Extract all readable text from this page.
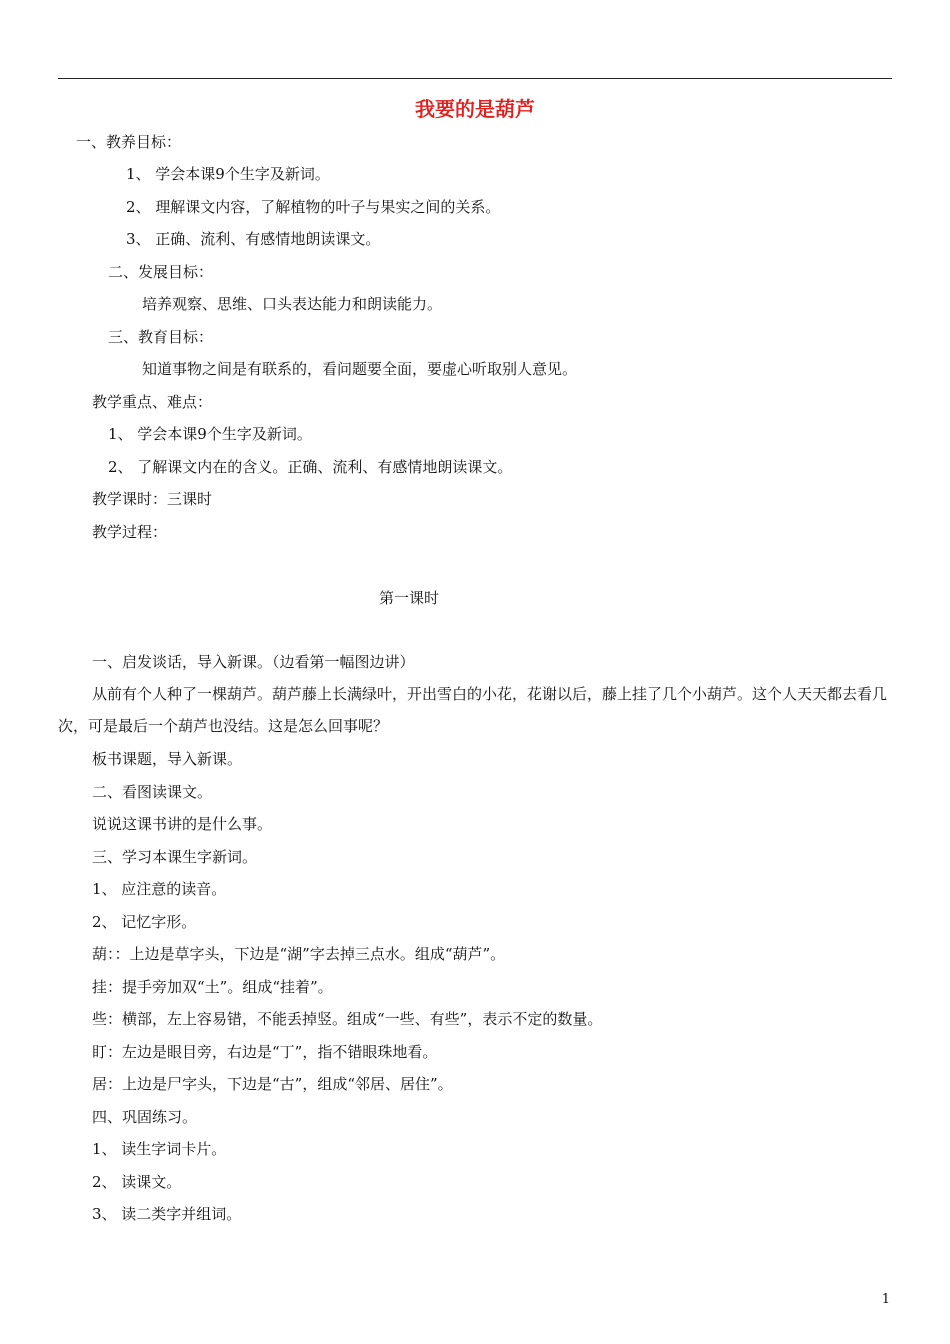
我要的是葫芦
一、教养目标：
1、 学会本课9个生字及新词。
2、 理解课文内容，了解植物的叶子与果实之间的关系。
3、 正确、流利、有感情地朗读课文。
二、发展目标：
培养观察、思维、口头表达能力和朗读能力。
三、教育目标：
知道事物之间是有联系的，看问题要全面，要虚心听取别人意见。
教学重点、难点：
1、 学会本课9个生字及新词。
2、 了解课文内在的含义。正确、流利、有感情地朗读课文。
教学课时：三课时
教学过程：
第一课时
一、启发谈话，导入新课。（边看第一幅图边讲）
从前有个人种了一棵葫芦。葫芦藤上长满绿叶，开出雪白的小花，花谢以后，藤上挂了几个小葫芦。这个人天天都去看几次，可是最后一个葫芦也没结。这是怎么回事呢？
板书课题，导入新课。
二、看图读课文。
说说这课书讲的是什么事。
三、学习本课生字新词。
1、 应注意的读音。
2、 记忆字形。
葫：：上边是草字头，下边是“湖”字去掉三点水。组成“葫芦”。
挂：提手旁加双“土”。组成“挂着”。
些：横部，左上容易错，不能丢掉竖。组成“一些、有些”，表示不定的数量。
盯：左边是眼目旁，右边是“丁”，指不错眼珠地看。
居：上边是尸字头，下边是“古”，组成“邻居、居住”。
四、巩固练习。
1、 读生字词卡片。
2、 读课文。
3、 读二类字并组词。
1
